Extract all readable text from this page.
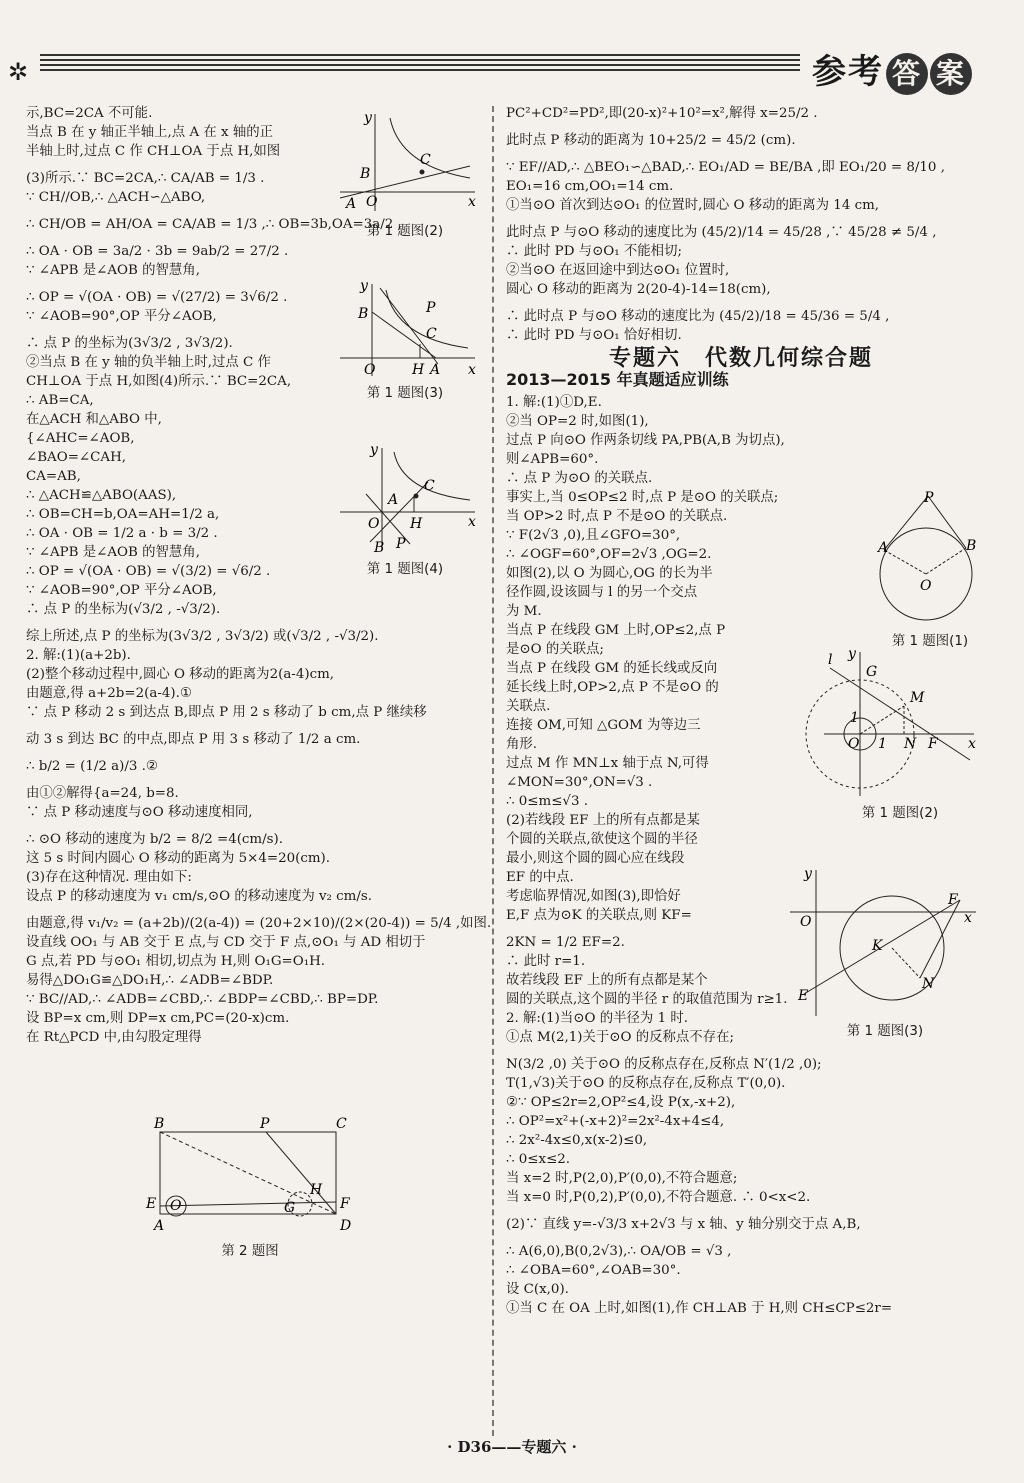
✲	参考 答 案
示,BC=2CA 不可能.
当点 B 在 y 轴正半轴上,点 A 在 x 轴的正
半轴上时,过点 C 作 CH⊥OA 于点 H,如图
(3)所示.∵ BC=2CA,∴ CA/AB = 1/3 .
∵ CH//OB,∴ △ACH∽△ABO,
∴ CH/OB = AH/OA = CA/AB = 1/3 ,∴ OB=3b,OA=3a/2 ,
∴ OA · OB = 3a/2 · 3b = 9ab/2 = 27/2 .
∵ ∠APB 是∠AOB 的智慧角,
∴ OP = √(OA · OB) = √(27/2) = 3√6/2 .
∵ ∠AOB=90°,OP 平分∠AOB,
∴ 点 P 的坐标为(3√3/2 , 3√3/2).
②当点 B 在 y 轴的负半轴上时,过点 C 作
CH⊥OA 于点 H,如图(4)所示.∵ BC=2CA,
∴ AB=CA,
在△ACH 和△ABO 中,
{∠AHC=∠AOB,
∠BAO=∠CAH,
CA=AB,
∴ △ACH≌△ABO(AAS),
∴ OB=CH=b,OA=AH=1/2 a,
∴ OA · OB = 1/2 a · b = 3/2 .
∵ ∠APB 是∠AOB 的智慧角,
∴ OP = √(OA · OB) = √(3/2) = √6/2 .
∵ ∠AOB=90°,OP 平分∠AOB,
∴ 点 P 的坐标为(√3/2 , -√3/2).
综上所述,点 P 的坐标为(3√3/2 , 3√3/2) 或(√3/2 , -√3/2).
2. 解:(1)(a+2b).
(2)整个移动过程中,圆心 O 移动的距离为2(a-4)cm,
由题意,得 a+2b=2(a-4).①
∵ 点 P 移动 2 s 到达点 B,即点 P 用 2 s 移动了 b cm,点 P 继续移
动 3 s 到达 BC 的中点,即点 P 用 3 s 移动了 1/2 a cm.
∴ b/2 = (1/2 a)/3 .②
由①②解得{a=24, b=8.
∵ 点 P 移动速度与⊙O 移动速度相同,
∴ ⊙O 移动的速度为 b/2 = 8/2 =4(cm/s).
这 5 s 时间内圆心 O 移动的距离为 5×4=20(cm).
(3)存在这种情况. 理由如下:
设点 P 的移动速度为 v₁ cm/s,⊙O 的移动速度为 v₂ cm/s.
由题意,得 v₁/v₂ = (a+2b)/(2(a-4)) = (20+2×10)/(2×(20-4)) = 5/4 ,如图.
设直线 OO₁ 与 AB 交于 E 点,与 CD 交于 F 点,⊙O₁ 与 AD 相切于
G 点,若 PD 与⊙O₁ 相切,切点为 H,则 O₁G=O₁H.
易得△DO₁G≌△DO₁H,∴ ∠ADB=∠BDP.
∵ BC//AD,∴ ∠ADB=∠CBD,∴ ∠BDP=∠CBD,∴ BP=DP.
设 BP=x cm,则 DP=x cm,PC=(20-x)cm.
在 Rt△PCD 中,由勾股定理得
PC²+CD²=PD²,即(20-x)²+10²=x²,解得 x=25/2 .
此时点 P 移动的距离为 10+25/2 = 45/2 (cm).
∵ EF//AD,∴ △BEO₁∽△BAD,∴ EO₁/AD = BE/BA ,即 EO₁/20 = 8/10 ,
EO₁=16 cm,OO₁=14 cm.
①当⊙O 首次到达⊙O₁ 的位置时,圆心 O 移动的距离为 14 cm,
此时点 P 与⊙O 移动的速度比为 (45/2)/14 = 45/28 ,∵ 45/28 ≠ 5/4 ,
∴ 此时 PD 与⊙O₁ 不能相切;
②当⊙O 在返回途中到达⊙O₁ 位置时,
圆心 O 移动的距离为 2(20-4)-14=18(cm),
∴ 此时点 P 与⊙O 移动的速度比为 (45/2)/18 = 45/36 = 5/4 ,
∴ 此时 PD 与⊙O₁ 恰好相切.
专题六　代数几何综合题
2013—2015 年真题适应训练
1. 解:(1)①D,E.
②当 OP=2 时,如图(1),
过点 P 向⊙O 作两条切线 PA,PB(A,B 为切点),
则∠APB=60°.
∴ 点 P 为⊙O 的关联点.
事实上,当 0≤OP≤2 时,点 P 是⊙O 的关联点;
当 OP>2 时,点 P 不是⊙O 的关联点.
∵ F(2√3 ,0),且∠GFO=30°,
∴ ∠OGF=60°,OF=2√3 ,OG=2.
如图(2),以 O 为圆心,OG 的长为半
径作圆,设该圆与 l 的另一个交点
为 M.
当点 P 在线段 GM 上时,OP≤2,点 P
是⊙O 的关联点;
当点 P 在线段 GM 的延长线或反向
延长线上时,OP>2,点 P 不是⊙O 的
关联点.
连接 OM,可知 △GOM 为等边三
角形.
过点 M 作 MN⊥x 轴于点 N,可得
∠MON=30°,ON=√3 .
∴ 0≤m≤√3 .
(2)若线段 EF 上的所有点都是某
个圆的关联点,欲使这个圆的半径
最小,则这个圆的圆心应在线段
EF 的中点.
考虑临界情况,如图(3),即恰好
E,F 点为⊙K 的关联点,则 KF=
2KN = 1/2 EF=2.
∴ 此时 r=1.
故若线段 EF 上的所有点都是某个
圆的关联点,这个圆的半径 r 的取值范围为 r≥1.
2. 解:(1)当⊙O 的半径为 1 时.
①点 M(2,1)关于⊙O 的反称点不存在;
N(3/2 ,0) 关于⊙O 的反称点存在,反称点 N′(1/2 ,0);
T(1,√3)关于⊙O 的反称点存在,反称点 T′(0,0).
②∵ OP≤2r=2,OP²≤4,设 P(x,-x+2),
∴ OP²=x²+(-x+2)²=2x²-4x+4≤4,
∴ 2x²-4x≤0,x(x-2)≤0,
∴ 0≤x≤2.
当 x=2 时,P(2,0),P′(0,0),不符合题意;
当 x=0 时,P(0,2),P′(0,0),不符合题意. ∴ 0<x<2.
(2)∵ 直线 y=-√3/3 x+2√3 与 x 轴、y 轴分别交于点 A,B,
∴ A(6,0),B(0,2√3),∴ OA/OB = √3 ,
∴ ∠OBA=60°,∠OAB=30°.
设 C(x,0).
①当 C 在 OA 上时,如图(1),作 CH⊥AB 于 H,则 CH≤CP≤2r=
y
B
C
A O	x
第 1 题图(2)
y
B	P
C
O	H A x
第 1 题图(3)
y
A
C
O H	x
B P
第 1 题图(4)
B	P	C
E O
A
H
G	F
D
第 2 题图
P
A	B
O
第 1 题图(1)
l y
G
1
M
O 1 N F x
第 1 题图(2)
y
O
F
x
K
N
E
第 1 题图(3)
· D36——专题六 ·
